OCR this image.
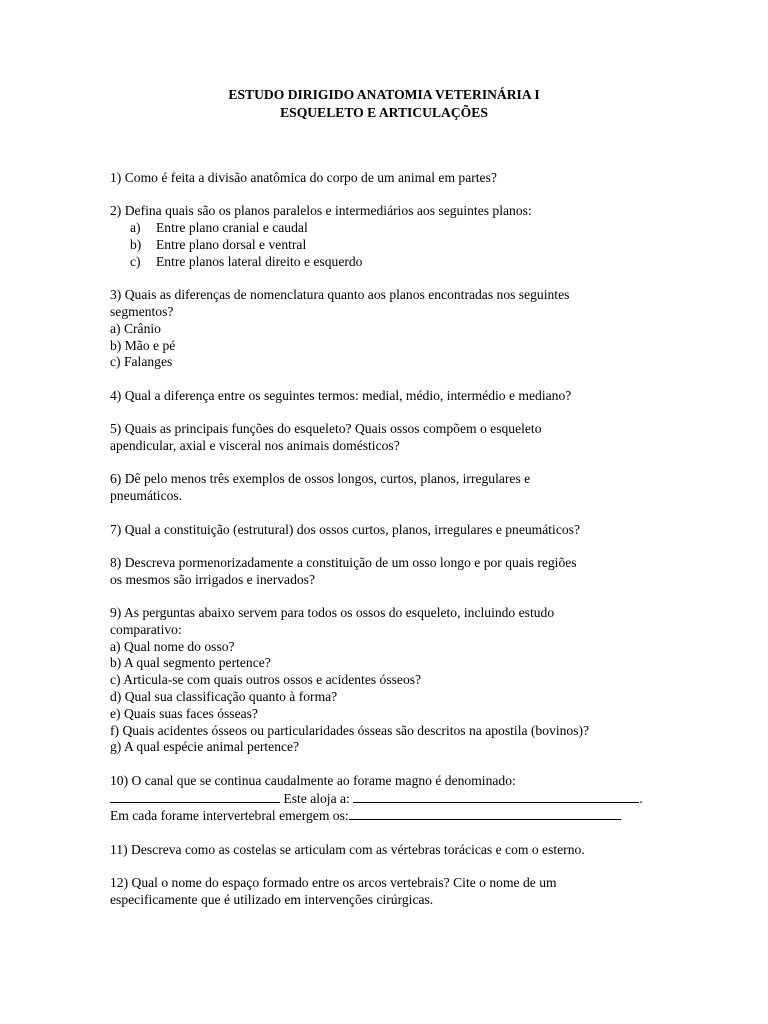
ESTUDO DIRIGIDO ANATOMIA VETERINÁRIA I
ESQUELETO E ARTICULAÇÕES

1) Como é feita a divisão anatômica do corpo de um animal em partes?

2) Defina quais são os planos paralelos e intermediários aos seguintes planos:

a) Entre plano cranial e caudal
b) Entre plano dorsal e ventral
c) Entre planos lateral direito e esquerdo

3) Quais as diferenças de nomenclatura quanto aos planos encontradas nos seguintes

segmentos?

a) Crânio

b) Mão e pé

c) Falanges

4) Qual a diferença entre os seguintes termos: medial, médio, intermédio e mediano?

5) Quais as principais funções do esqueleto? Quais ossos compõem o esqueleto

apendicular, axial e visceral nos animais domésticos?

6) Dê pelo menos três exemplos de ossos longos, curtos, planos, irregulares e

pneumáticos.

7) Qual a constituição (estrutural) dos ossos curtos, planos, irregulares e pneumáticos?

8) Descreva pormenorizadamente a constituição de um osso longo e por quais regiões

os mesmos são irrigados e inervados?

9) As perguntas abaixo servem para todos os ossos do esqueleto, incluindo estudo

comparativo:

a) Qual nome do osso?

b) A qual segmento pertence?

c) Articula-se com quais outros ossos e acidentes ósseos?

d) Qual sua classificação quanto à forma?

e) Quais suas faces ósseas?

f) Quais acidentes ósseos ou particularidades ósseas são descritos na apostila (bovinos)?

g) A qual espécie animal pertence?

10) O canal que se continua caudalmente ao forame magno é denominado:

Este aloja a:	.

Em cada forame intervertebral emergem os:

11) Descreva como as costelas se articulam com as vértebras torácicas e com o esterno.

12) Qual o nome do espaço formado entre os arcos vertebrais? Cite o nome de um

especificamente que é utilizado em intervenções cirúrgicas.
